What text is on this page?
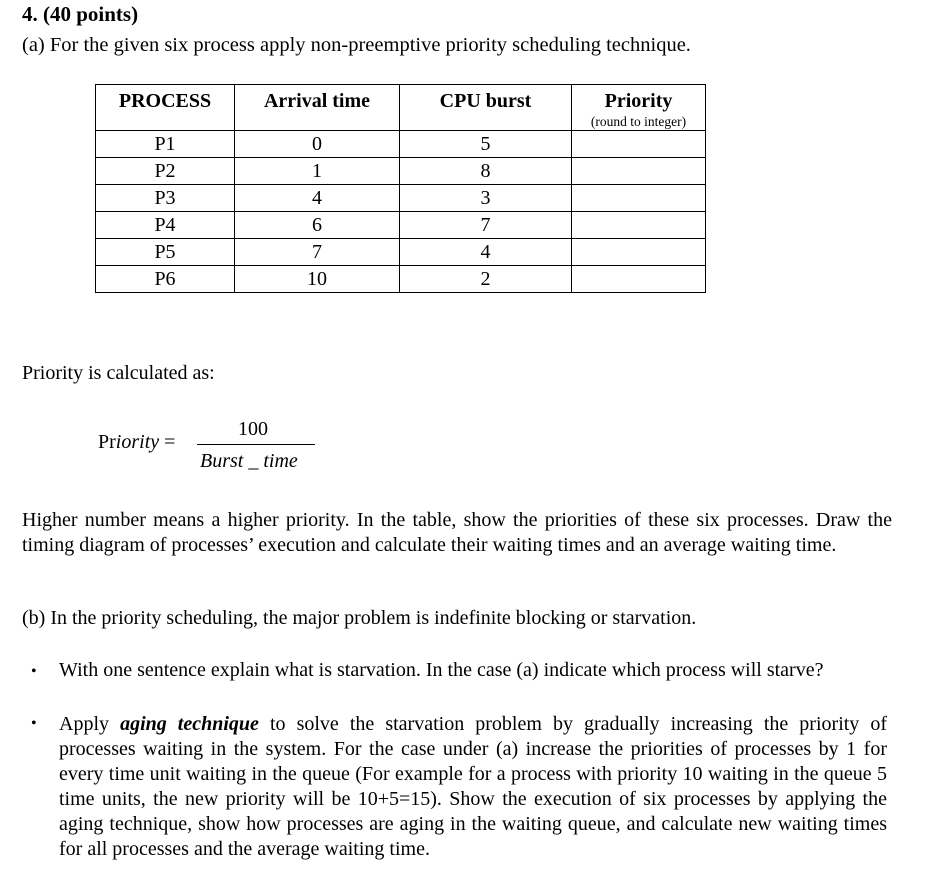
4. (40 points)
(a) For the given six process apply non-preemptive priority scheduling technique.
PROCESS	Arrival time	CPU burst	Priority
(round to integer)

P1	0	5	
P2	1	8	
P3	4	3	
P4	6	7	
P5	7	4	
P6	10	2	
Priority is calculated as:
Priority =
100
Burst _ time
Higher number means a higher priority. In the table, show the priorities of these six processes. Draw the timing diagram of processes’ execution and calculate their waiting times and an average waiting time.
(b) In the priority scheduling, the major problem is indefinite blocking or starvation.
• With one sentence explain what is starvation. In the case (a) indicate which process will starve?
• Apply aging technique to solve the starvation problem by gradually increasing the priority of processes waiting in the system. For the case under (a) increase the priorities of processes by 1 for every time unit waiting in the queue (For example for a process with priority 10 waiting in the queue 5 time units, the new priority will be 10+5=15). Show the execution of six processes by applying the aging technique, show how processes are aging in the waiting queue, and calculate new waiting times for all processes and the average waiting time.
